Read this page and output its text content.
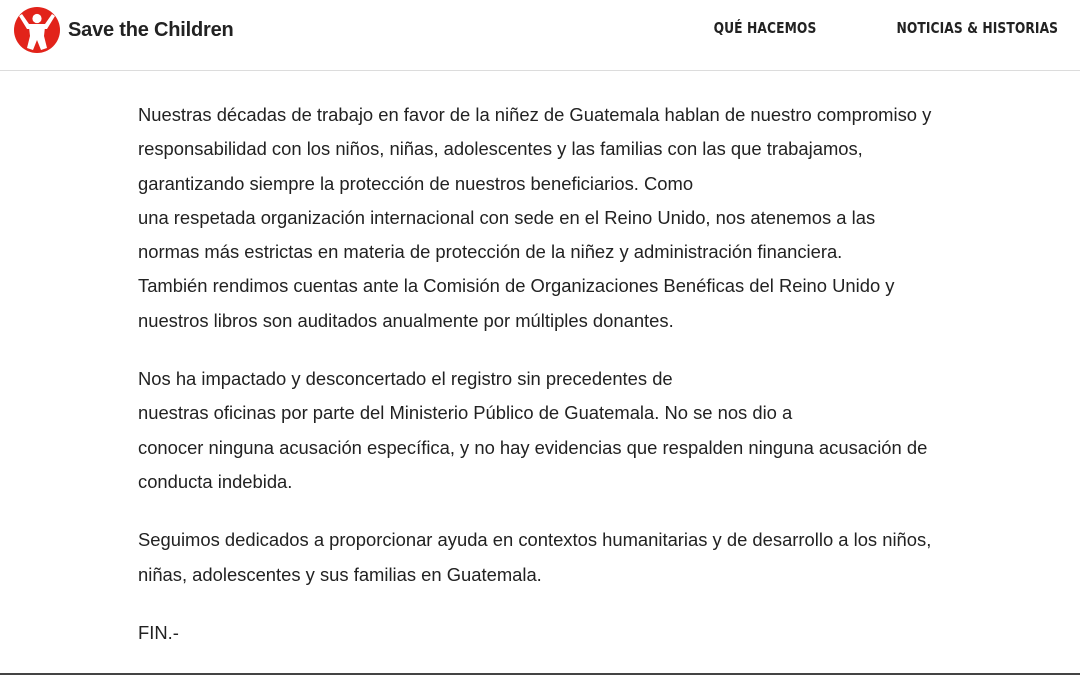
Save the Children	QUÉ HACEMOS	NOTICIAS & HISTORIAS

Nuestras décadas de trabajo en favor de la niñez de Guatemala hablan de nuestro compromiso y
responsabilidad con los niños, niñas, adolescentes y las familias con las que trabajamos,
garantizando siempre la protección de nuestros beneficiarios. Como
una respetada organización internacional con sede en el Reino Unido, nos atenemos a las
normas más estrictas en materia de protección de la niñez y administración financiera.
También rendimos cuentas ante la Comisión de Organizaciones Benéficas del Reino Unido y
nuestros libros son auditados anualmente por múltiples donantes.

Nos ha impactado y desconcertado el registro sin precedentes de
nuestras oficinas por parte del Ministerio Público de Guatemala. No se nos dio a
conocer ninguna acusación específica, y no hay evidencias que respalden ninguna acusación de
conducta indebida.

Seguimos dedicados a proporcionar ayuda en contextos humanitarias y de desarrollo a los niños,
niñas, adolescentes y sus familias en Guatemala.

FIN.-
